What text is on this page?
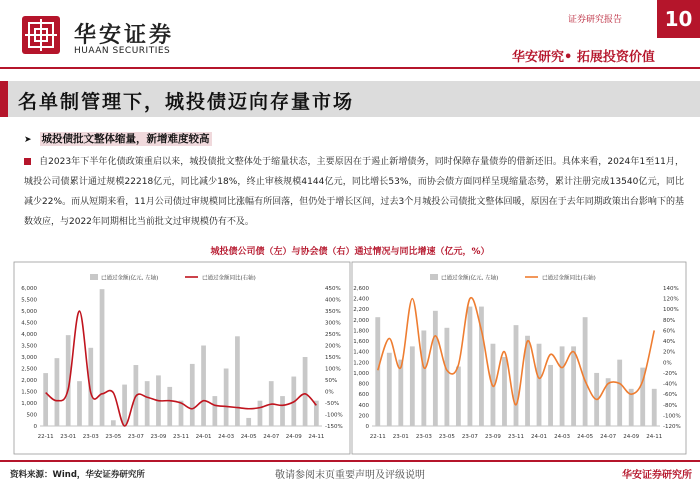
华安证券
HUAAN SECURITIES
证券研究报告	10
华安研究• 拓展投资价值
名单制管理下，城投债迈向存量市场
➤ 城投债批文整体缩量，新增难度较高
自2023年下半年化债政策重启以来，城投债批文整体处于缩量状态，主要原因在于遏止新增债务，同时保障存量债券的借新还旧。具体来看，2024年1至11月，城投公司债累计通过规模22218亿元，同比减少18%，终止审核规模4144亿元，同比增长53%，而协会债方面同样呈现缩量态势，累计注册完成13540亿元，同比减少22%。而从短期来看，11月公司债过审规模同比涨幅有所回落，但仍处于增长区间，过去3个月城投公司债批文整体回暖，原因在于去年同期政策出台影响下的基数效应，与2022年同期相比当前批文过审规模仍有不及。
城投债公司债（左）与协会债（右）通过情况与同比增速（亿元，%）
0
500
1,000
1,500
2,000
2,500
3,000
3,500
4,000
4,500
5,000
5,500
6,000
-150%
-100%
-50%
0%
50%
100%
150%
200%
250%
300%
350%
400%
450%
22-11 23-01 23-03 23-05 23-07 23-09 23-11 24-01 24-03 24-05 24-07 24-09 24-11
已通过金额(亿元, 左轴)	已通过金额同比(右轴)
0
200
400
600
800
1,000
1,200
1,400
1,600
1,800
2,000
2,200
2,400
2,600
-120%
-100%
-80%
-60%
-40%
-20%
0%
20%
40%
60%
80%
100%
120%
140%
22-11 23-01 23-03 23-05 23-07 23-09 23-11 24-01 24-03 24-05 24-07 24-09 24-11
已通过金额(亿元, 左轴)	已通过金额同比(右轴)
资料来源：Wind，华安证券研究所	敬请参阅末页重要声明及评级说明	华安证券研究所
